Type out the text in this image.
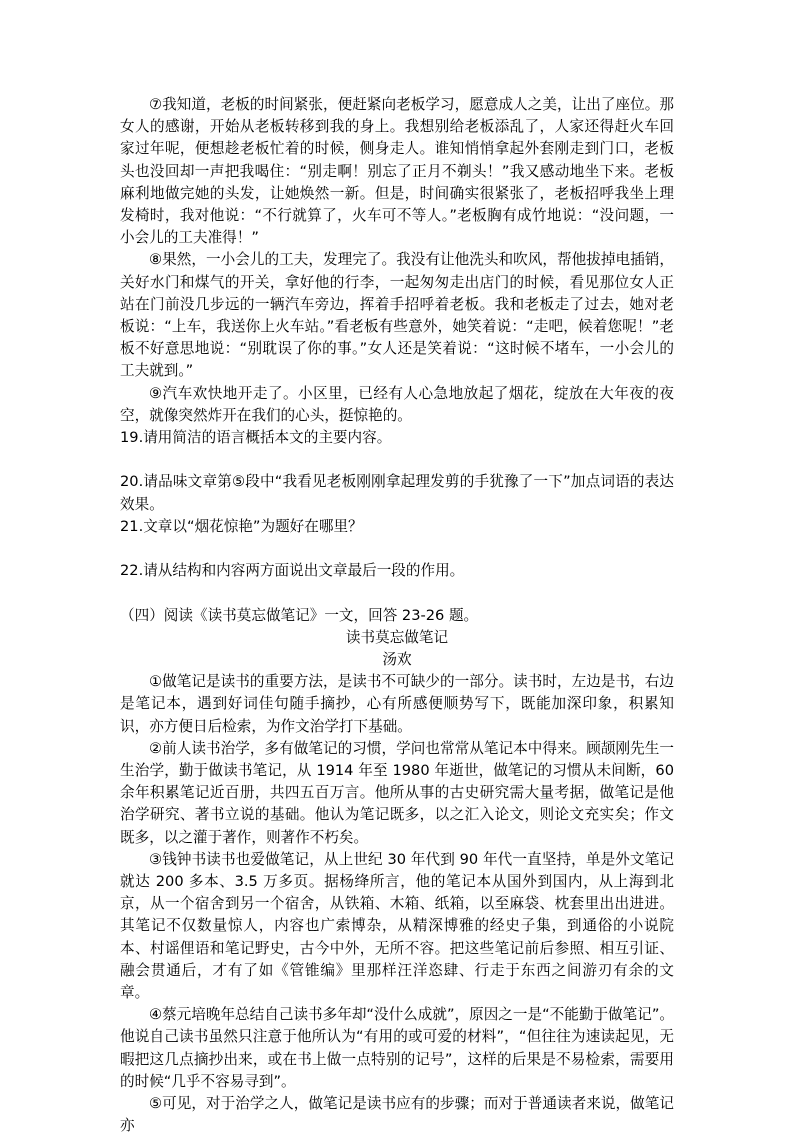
⑦我知道，老板的时间紧张，便赶紧向老板学习，愿意成人之美，让出了座位。那女人的感谢，开始从老板转移到我的身上。我想别给老板添乱了，人家还得赶火车回家过年呢，便想趁老板忙着的时候，侧身走人。谁知悄悄拿起外套刚走到门口，老板头也没回却一声把我喝住：“别走啊！别忘了正月不剃头！”我又感动地坐下来。老板麻利地做完她的头发，让她焕然一新。但是，时间确实很紧张了，老板招呼我坐上理发椅时，我对他说：“不行就算了，火车可不等人。”老板胸有成竹地说：“没问题，一小会儿的工夫准得！”

⑧果然，一小会儿的工夫，发理完了。我没有让他洗头和吹风，帮他拔掉电插销，关好水门和煤气的开关，拿好他的行李，一起匆匆走出店门的时候，看见那位女人正站在门前没几步远的一辆汽车旁边，挥着手招呼着老板。我和老板走了过去，她对老板说：“上车，我送你上火车站。”看老板有些意外，她笑着说：“走吧，候着您呢！”老板不好意思地说：“别耽误了你的事。”女人还是笑着说：“这时候不堵车，一小会儿的工夫就到。”

⑨汽车欢快地开走了。小区里，已经有人心急地放起了烟花，绽放在大年夜的夜空，就像突然炸开在我们的心头，挺惊艳的。

19.请用简洁的语言概括本文的主要内容。

20.请品味文章第⑤段中“我看见老板刚刚拿起理发剪的手犹豫了一下”加点词语的表达效果。

21.文章以“烟花惊艳”为题好在哪里？

22.请从结构和内容两方面说出文章最后一段的作用。

（四）阅读《读书莫忘做笔记》一文，回答 23-26 题。

读书莫忘做笔记

汤欢

①做笔记是读书的重要方法，是读书不可缺少的一部分。读书时，左边是书，右边是笔记本，遇到好词佳句随手摘抄，心有所感便顺势写下，既能加深印象，积累知识，亦方便日后检索，为作文治学打下基础。

②前人读书治学，多有做笔记的习惯，学问也常常从笔记本中得来。顾颉刚先生一生治学，勤于做读书笔记，从 1914 年至 1980 年逝世，做笔记的习惯从未间断，60 余年积累笔记近百册，共四五百万言。他所从事的古史研究需大量考据，做笔记是他治学研究、著书立说的基础。他认为笔记既多，以之汇入论文，则论文充实矣；作文既多，以之灌于著作，则著作不朽矣。

③钱钟书读书也爱做笔记，从上世纪 30 年代到 90 年代一直坚持，单是外文笔记就达 200 多本、3.5 万多页。据杨绛所言，他的笔记本从国外到国内，从上海到北京，从一个宿舍到另一个宿舍，从铁箱、木箱、纸箱，以至麻袋、枕套里出出进进。其笔记不仅数量惊人，内容也广索博杂，从精深博雅的经史子集，到通俗的小说院本、村谣俚语和笔记野史，古今中外，无所不容。把这些笔记前后参照、相互引证、融会贯通后，才有了如《管锥编》里那样汪洋恣肆、行走于东西之间游刃有余的文章。

④蔡元培晚年总结自己读书多年却“没什么成就”，原因之一是“不能勤于做笔记”。他说自己读书虽然只注意于他所认为“有用的或可爱的材料”，“但往往为速读起见，无暇把这几点摘抄出来，或在书上做一点特别的记号”，这样的后果是不易检索，需要用的时候“几乎不容易寻到”。

⑤可见，对于治学之人，做笔记是读书应有的步骤；而对于普通读者来说，做笔记亦
